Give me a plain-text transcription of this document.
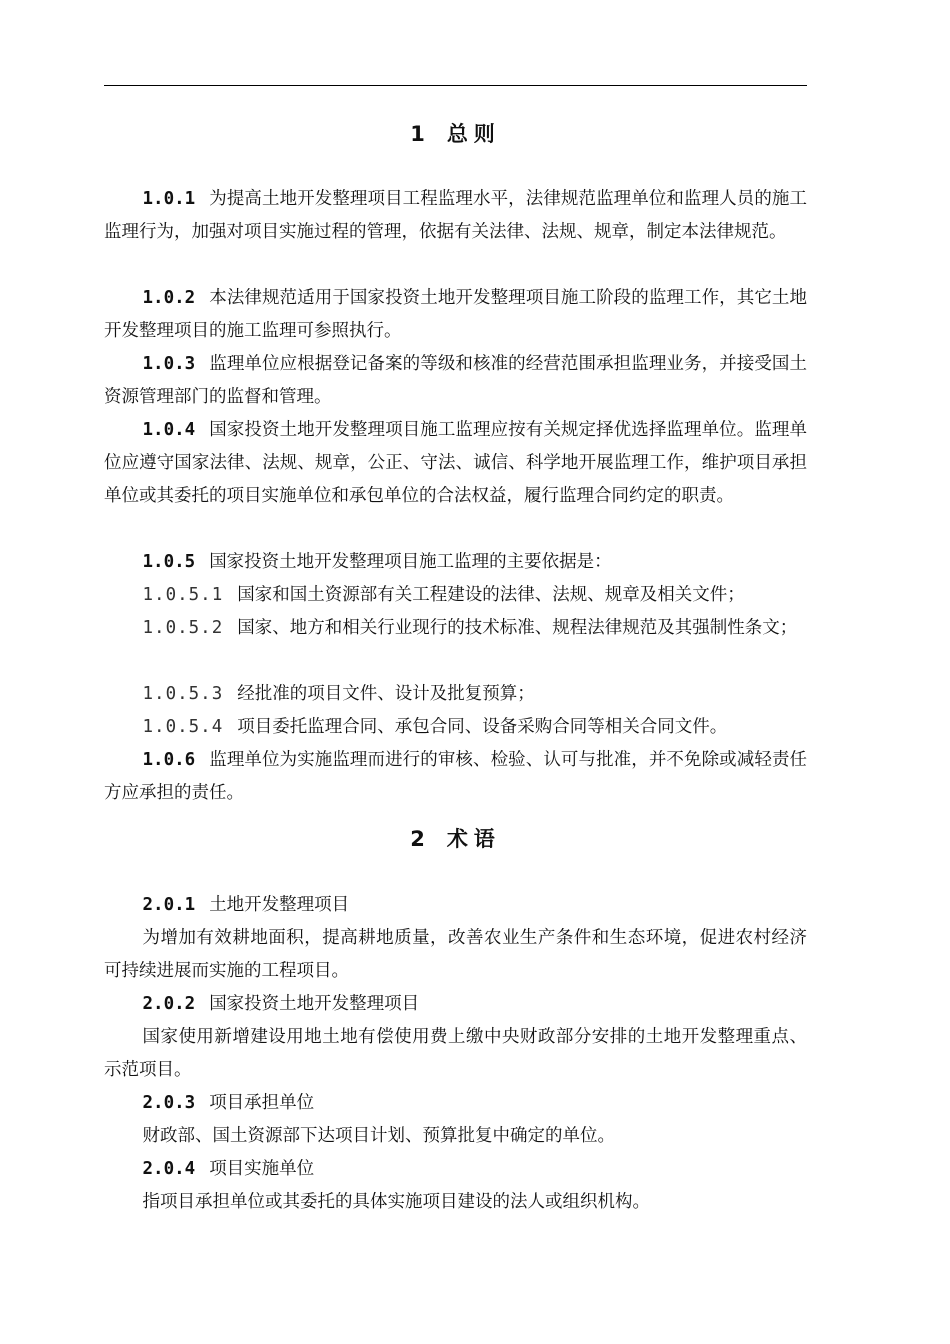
1 总则
1.0.1 为提高土地开发整理项目工程监理水平，法律规范监理单位和监理人员的施工监理行为，加强对项目实施过程的管理，依据有关法律、法规、规章，制定本法律规范。
1.0.2 本法律规范适用于国家投资土地开发整理项目施工阶段的监理工作，其它土地开发整理项目的施工监理可参照执行。
1.0.3 监理单位应根据登记备案的等级和核准的经营范围承担监理业务，并接受国土资源管理部门的监督和管理。
1.0.4 国家投资土地开发整理项目施工监理应按有关规定择优选择监理单位。监理单位应遵守国家法律、法规、规章，公正、守法、诚信、科学地开展监理工作，维护项目承担单位或其委托的项目实施单位和承包单位的合法权益，履行监理合同约定的职责。
1.0.5 国家投资土地开发整理项目施工监理的主要依据是：
1.0.5.1 国家和国土资源部有关工程建设的法律、法规、规章及相关文件；
1.0.5.2 国家、地方和相关行业现行的技术标准、规程法律规范及其强制性条文；
1.0.5.3 经批准的项目文件、设计及批复预算；
1.0.5.4 项目委托监理合同、承包合同、设备采购合同等相关合同文件。
1.0.6 监理单位为实施监理而进行的审核、检验、认可与批准，并不免除或减轻责任方应承担的责任。
2 术语
2.0.1 土地开发整理项目
为增加有效耕地面积，提高耕地质量，改善农业生产条件和生态环境，促进农村经济可持续进展而实施的工程项目。
2.0.2 国家投资土地开发整理项目
国家使用新增建设用地土地有偿使用费上缴中央财政部分安排的土地开发整理重点、示范项目。
2.0.3 项目承担单位
财政部、国土资源部下达项目计划、预算批复中确定的单位。
2.0.4 项目实施单位
指项目承担单位或其委托的具体实施项目建设的法人或组织机构。
